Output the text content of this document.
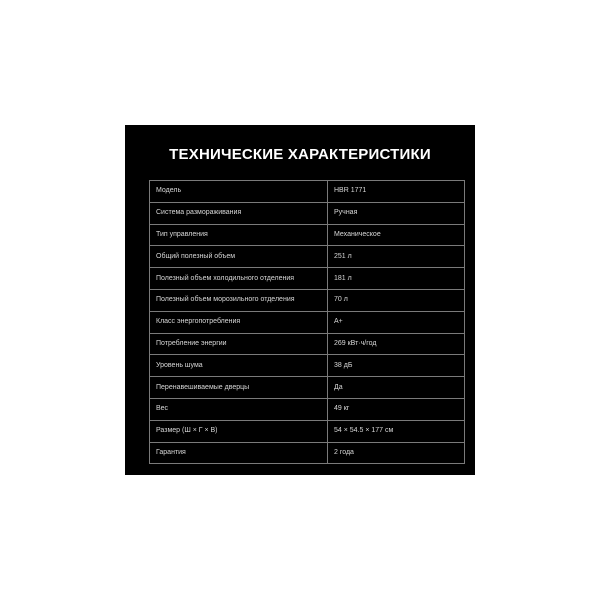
ТЕХНИЧЕСКИЕ ХАРАКТЕРИСТИКИ
Модель	HBR 1771
Система размораживания	Ручная
Тип управления	Механическое
Общий полезный объем	251 л
Полезный объем холодильного отделения	181 л
Полезный объем морозильного отделения	70 л
Класс энергопотребления	A+
Потребление энергии	269 кВт·ч/год
Уровень шума	38 дБ
Перенавешиваемые дверцы	Да
Вес	49 кг
Размер (Ш × Г × В)	54 × 54.5 × 177 см
Гарантия	2 года
